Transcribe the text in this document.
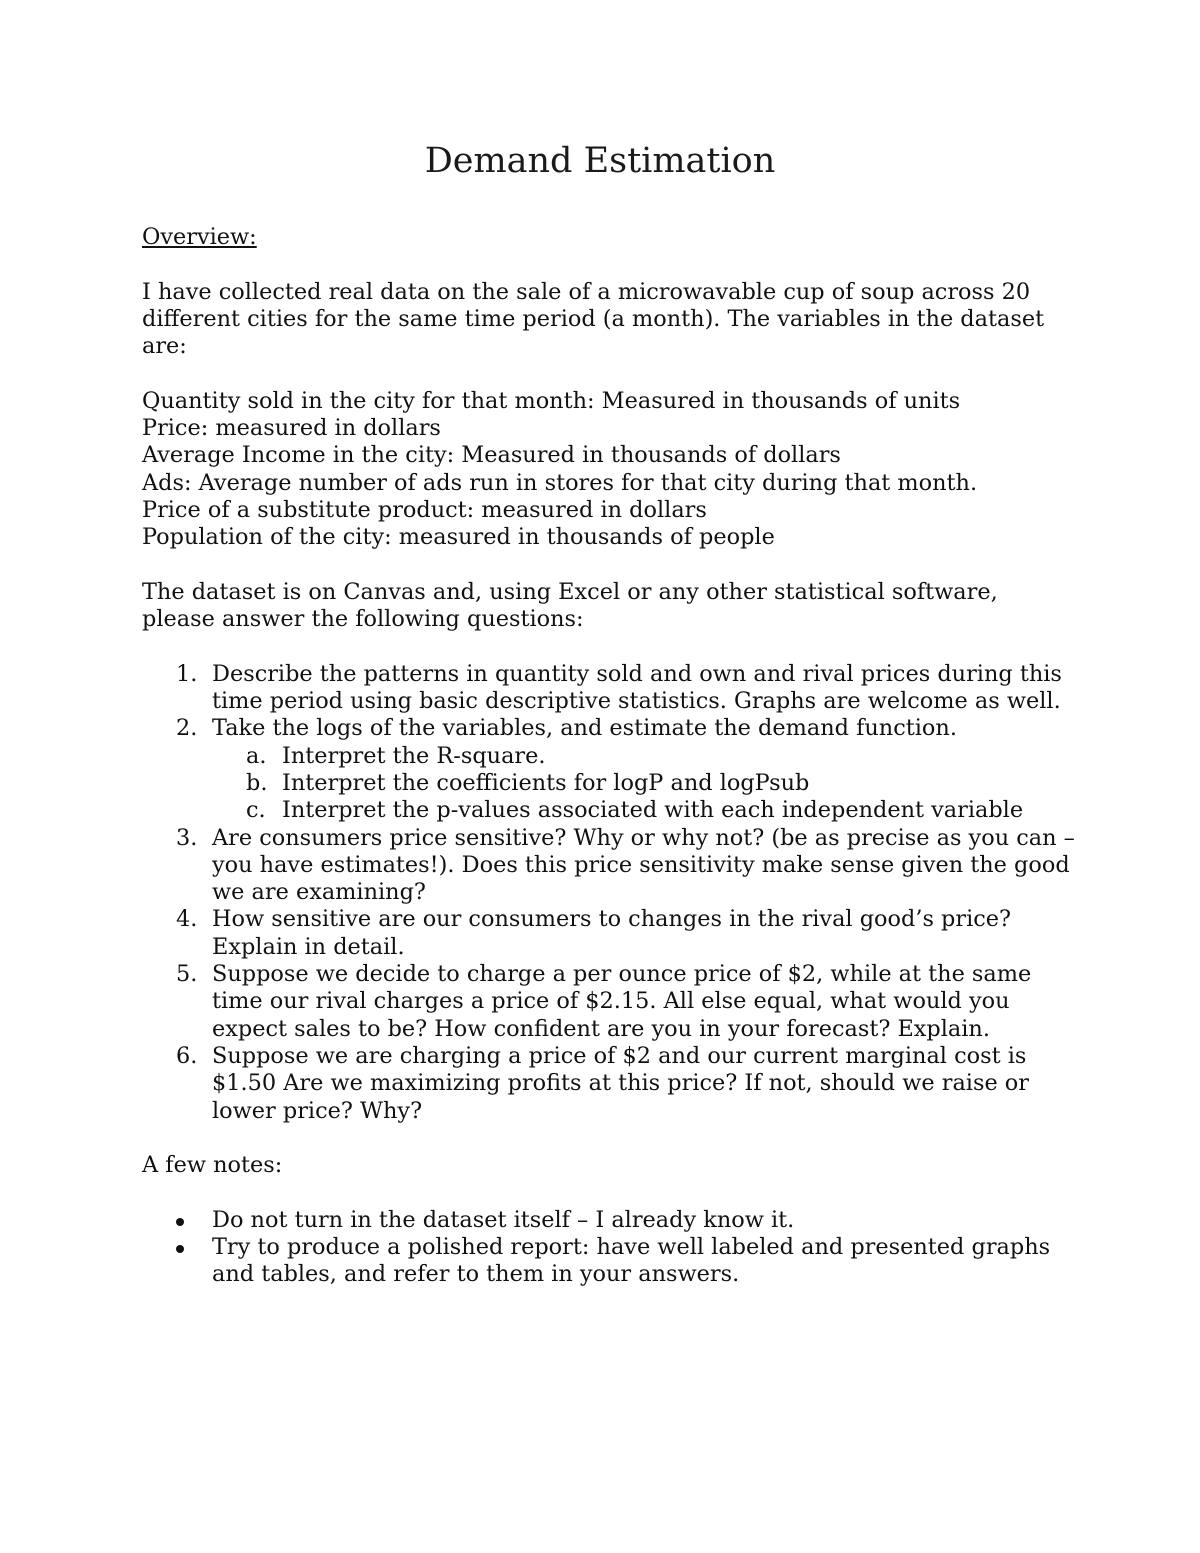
Demand Estimation

Overview:

I have collected real data on the sale of a microwavable cup of soup across 20 different cities for the same time period (a month). The variables in the dataset are:

Quantity sold in the city for that month: Measured in thousands of units

Price: measured in dollars

Average Income in the city: Measured in thousands of dollars

Ads: Average number of ads run in stores for that city during that month.

Price of a substitute product: measured in dollars

Population of the city: measured in thousands of people

The dataset is on Canvas and, using Excel or any other statistical software, please answer the following questions:

1. Describe the patterns in quantity sold and own and rival prices during this time period using basic descriptive statistics. Graphs are welcome as well.
2. Take the logs of the variables, and estimate the demand function.
a. Interpret the R-square.
b. Interpret the coefficients for logP and logPsub
c. Interpret the p-values associated with each independent variable
3. Are consumers price sensitive? Why or why not? (be as precise as you can – you have estimates!). Does this price sensitivity make sense given the good we are examining?
4. How sensitive are our consumers to changes in the rival good’s price? Explain in detail.
5. Suppose we decide to charge a per ounce price of $2, while at the same time our rival charges a price of $2.15. All else equal, what would you expect sales to be? How confident are you in your forecast? Explain.
6. Suppose we are charging a price of $2 and our current marginal cost is $1.50 Are we maximizing profits at this price? If not, should we raise or lower price? Why?

A few notes:

Do not turn in the dataset itself – I already know it.
Try to produce a polished report: have well labeled and presented graphs and tables, and refer to them in your answers.
